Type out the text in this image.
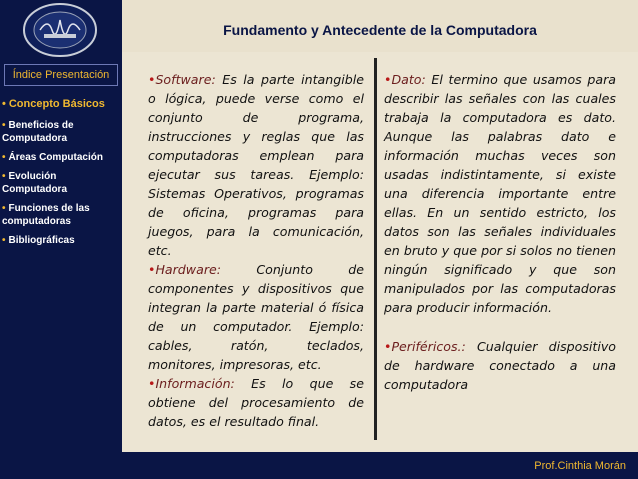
Índice Presentación
• Concepto Básicos
• Beneficios de Computadora
• Áreas Computación
• Evolución Computadora
• Funciones de las computadoras
• Bibliográficas
Fundamento y Antecedente de la Computadora

•Software: Es la parte intangible o lógica, puede verse como el conjunto de programa, instrucciones y reglas que las computadoras emplean para ejecutar sus tareas. Ejemplo: Sistemas Operativos, programas de oficina, programas para juegos, para la comunicación, etc.

•Hardware: Conjunto de componentes y dispositivos que integran la parte material ó física de un computador. Ejemplo: cables, ratón, teclados, monitores, impresoras, etc.

•Información: Es lo que se obtiene del procesamiento de datos, es el resultado final.

•Dato: El termino que usamos para describir las señales con las cuales trabaja la computadora es dato. Aunque las palabras dato e información muchas veces son usadas indistintamente, si existe una diferencia importante entre ellas. En un sentido estricto, los datos son las señales individuales en bruto y que por si solos no tienen ningún significado y que son manipulados por las computadoras para producir información.

•Periféricos.: Cualquier dispositivo de hardware conectado a una computadora

Prof.Cinthia Morán
